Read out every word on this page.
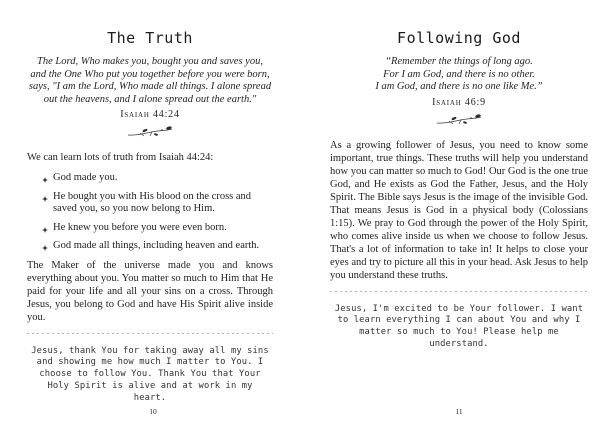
The Truth
The Lord, Who makes you, bought you and saves you,
and the One Who put you together before you were born,
says, "I am the Lord, Who made all things. I alone spread
out the heavens, and I alone spread out the earth."
Isaiah 44:24
We can learn lots of truth from Isaiah 44:24:
God made you.
He bought you with His blood on the cross and saved you, so you now belong to Him.
He knew you before you were even born.
God made all things, including heaven and earth.
The Maker of the universe made you and knows everything about you. You matter so much to Him that He paid for your life and all your sins on a cross. Through Jesus, you belong to God and have His Spirit alive inside you.
Jesus, thank You for taking away all my sins and showing me how much I matter to You. I choose to follow You. Thank You that Your Holy Spirit is alive and at work in my heart.
10
Following God
“Remember the things of long ago.
For I am God, and there is no other.
I am God, and there is no one like Me.”
Isaiah 46:9
As a growing follower of Jesus, you need to know some important, true things. These truths will help you understand how you can matter so much to God! Our God is the one true God, and He exists as God the Father, Jesus, and the Holy Spirit. The Bible says Jesus is the image of the invisible God. That means Jesus is God in a physical body (Colossians 1:15). We pray to God through the power of the Holy Spirit, who comes alive inside us when we choose to follow Jesus. That's a lot of information to take in! It helps to close your eyes and try to picture all this in your head. Ask Jesus to help you understand these truths.
Jesus, I'm excited to be Your follower. I want to learn everything I can about You and why I matter so much to You! Please help me understand.
11
